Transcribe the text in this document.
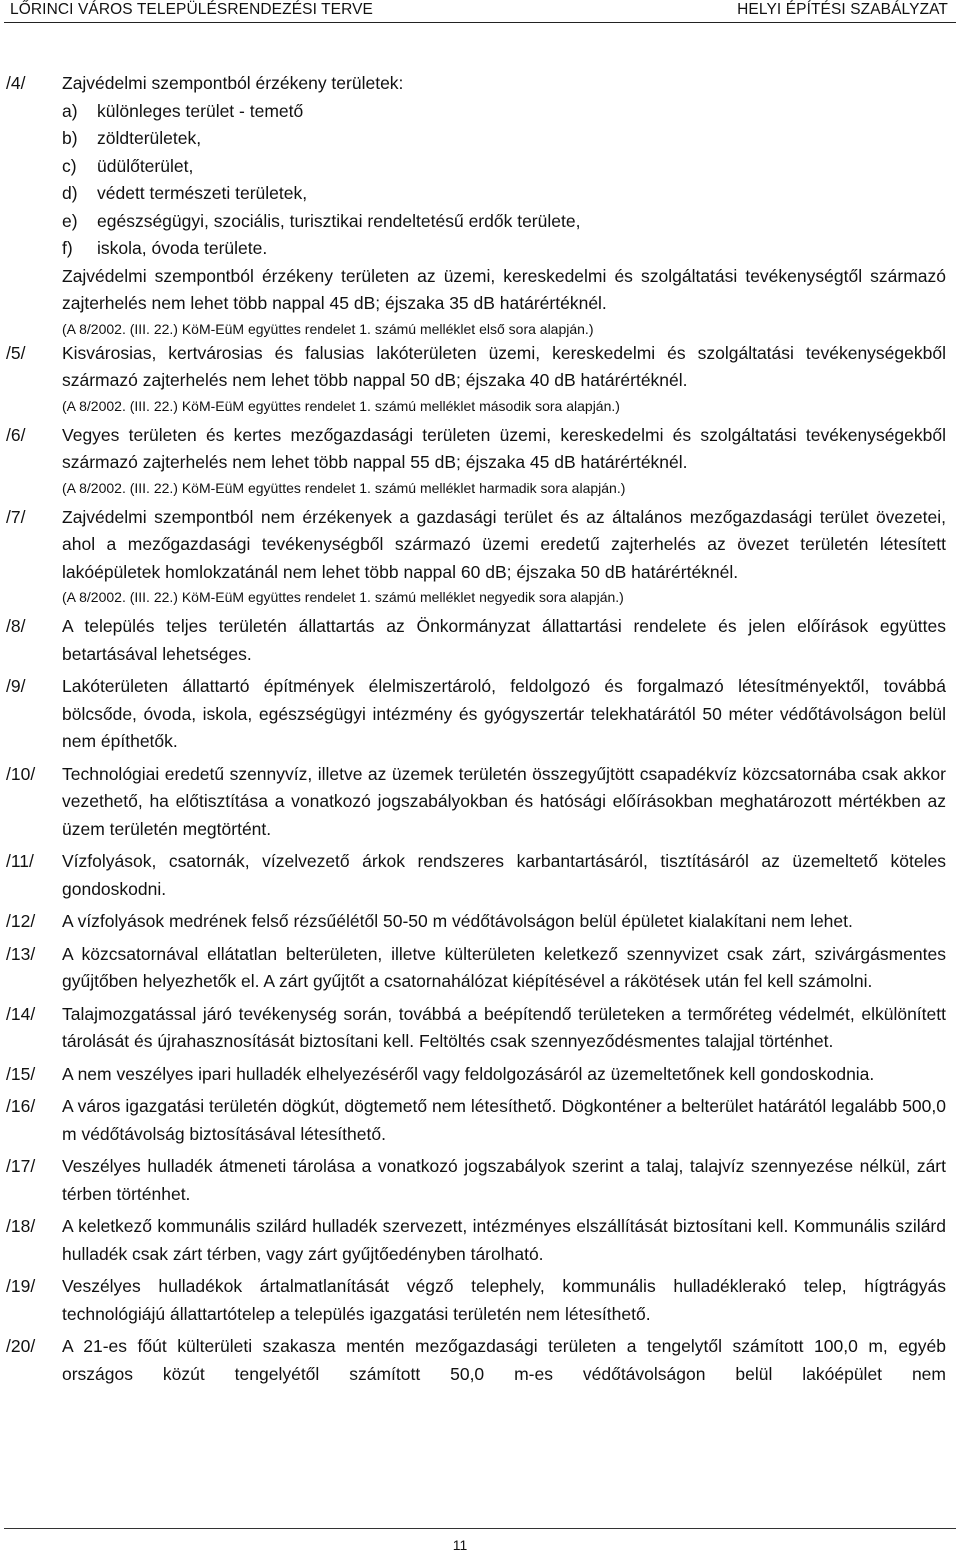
LŐRINCI VÁROS TELEPÜLÉSRENDEZÉSI TERVE	HELYI ÉPÍTÉSI SZABÁLYZAT
/4/	Zajvédelmi szempontból érzékeny területek:
a)	különleges terület - temető
b)	zöldterületek,
c)	üdülőterület,
d)	védett természeti területek,
e)	egészségügyi, szociális, turisztikai rendeltetésű erdők területe,
f)	iskola, óvoda területe.
Zajvédelmi szempontból érzékeny területen az üzemi, kereskedelmi és szolgáltatási tevékenységtől származó zajterhelés nem lehet több nappal 45 dB; éjszaka 35 dB határértéknél.
(A 8/2002. (III. 22.) KöM-EüM együttes rendelet 1. számú melléklet első sora alapján.)
/5/	Kisvárosias, kertvárosias és falusias lakóterületen üzemi, kereskedelmi és szolgáltatási tevékenységekből származó zajterhelés nem lehet több nappal 50 dB; éjszaka 40 dB határértéknél.
(A 8/2002. (III. 22.) KöM-EüM együttes rendelet 1. számú melléklet második sora alapján.)
/6/	Vegyes területen és kertes mezőgazdasági területen üzemi, kereskedelmi és szolgáltatási tevékenységekből származó zajterhelés nem lehet több nappal 55 dB; éjszaka 45 dB határértéknél.
(A 8/2002. (III. 22.) KöM-EüM együttes rendelet 1. számú melléklet harmadik sora alapján.)
/7/	Zajvédelmi szempontból nem érzékenyek a gazdasági terület és az általános mezőgazdasági terület övezetei, ahol a mezőgazdasági tevékenységből származó üzemi eredetű zajterhelés az övezet területén létesített lakóépületek homlokzatánál nem lehet több nappal 60 dB; éjszaka 50 dB határértéknél.
(A 8/2002. (III. 22.) KöM-EüM együttes rendelet 1. számú melléklet negyedik sora alapján.)
/8/	A település teljes területén állattartás az Önkormányzat állattartási rendelete és jelen előírások együttes betartásával lehetséges.
/9/	Lakóterületen állattartó építmények élelmiszertároló, feldolgozó és forgalmazó létesítményektől, továbbá bölcsőde, óvoda, iskola, egészségügyi intézmény és gyógyszertár telekhatárától 50 méter védőtávolságon belül nem építhetők.
/10/	Technológiai eredetű szennyvíz, illetve az üzemek területén összegyűjtött csapadékvíz közcsatornába csak akkor vezethető, ha előtisztítása a vonatkozó jogszabályokban és hatósági előírásokban meghatározott mértékben az üzem területén megtörtént.
/11/	Vízfolyások, csatornák, vízelvezető árkok rendszeres karbantartásáról, tisztításáról az üzemeltető köteles gondoskodni.
/12/	A vízfolyások medrének felső rézsűélétől 50-50 m védőtávolságon belül épületet kialakítani nem lehet.
/13/	A közcsatornával ellátatlan belterületen, illetve külterületen keletkező szennyvizet csak zárt, szivárgásmentes gyűjtőben helyezhetők el. A zárt gyűjtőt a csatornahálózat kiépítésével a rákötések után fel kell számolni.
/14/	Talajmozgatással járó tevékenység során, továbbá a beépítendő területeken a termőréteg védelmét, elkülönített tárolását és újrahasznosítását biztosítani kell. Feltöltés csak szennyeződésmentes talajjal történhet.
/15/	A nem veszélyes ipari hulladék elhelyezéséről vagy feldolgozásáról az üzemeltetőnek kell gondoskodnia.
/16/	A város igazgatási területén dögkút, dögtemető nem létesíthető. Dögkonténer a belterület határától legalább 500,0 m védőtávolság biztosításával létesíthető.
/17/	Veszélyes hulladék átmeneti tárolása a vonatkozó jogszabályok szerint a talaj, talajvíz szennyezése nélkül, zárt térben történhet.
/18/	A keletkező kommunális szilárd hulladék szervezett, intézményes elszállítását biztosítani kell. Kommunális szilárd hulladék csak zárt térben, vagy zárt gyűjtőedényben tárolható.
/19/	Veszélyes hulladékok ártalmatlanítását végző telephely, kommunális hulladéklerakó telep, hígtrágyás technológiájú állattartótelep a település igazgatási területén nem létesíthető.
/20/	A 21-es főút külterületi szakasza mentén mezőgazdasági területen a tengelytől számított 100,0 m, egyéb országos közút tengelyétől számított 50,0 m-es védőtávolságon belül lakóépület nem
11
